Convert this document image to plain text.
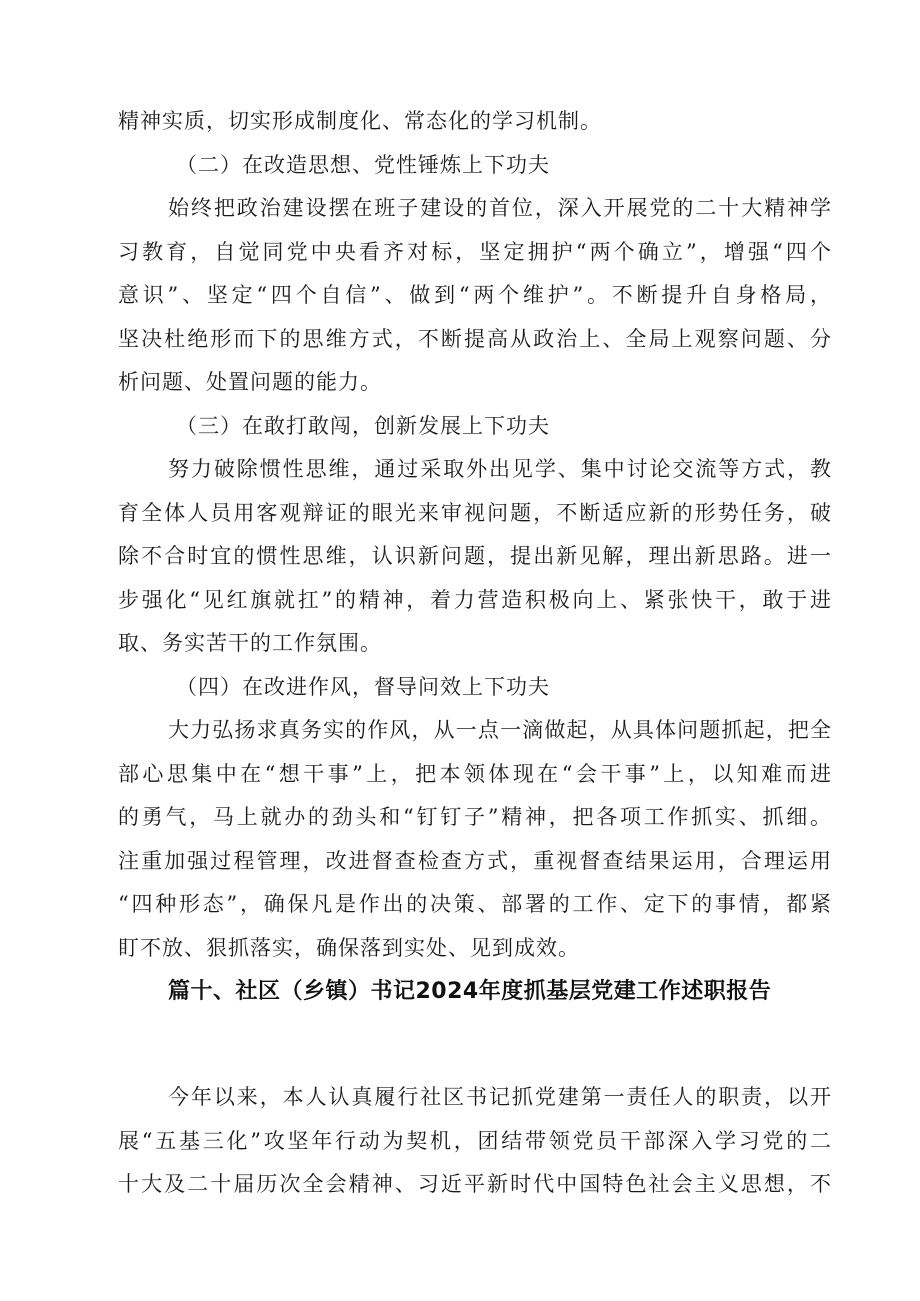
精神实质，切实形成制度化、常态化的学习机制。
（二）在改造思想、党性锤炼上下功夫
始终把政治建设摆在班子建设的首位，深入开展党的二十大精神学
习教育，自觉同党中央看齐对标，坚定拥护“两个确立”，增强“四个
意识”、坚定“四个自信”、做到“两个维护”。不断提升自身格局，
坚决杜绝形而下的思维方式，不断提高从政治上、全局上观察问题、分
析问题、处置问题的能力。
（三）在敢打敢闯，创新发展上下功夫
努力破除惯性思维，通过采取外出见学、集中讨论交流等方式，教
育全体人员用客观辩证的眼光来审视问题，不断适应新的形势任务，破
除不合时宜的惯性思维，认识新问题，提出新见解，理出新思路。进一
步强化“见红旗就扛”的精神，着力营造积极向上、紧张快干，敢于进
取、务实苦干的工作氛围。
（四）在改进作风，督导问效上下功夫
大力弘扬求真务实的作风，从一点一滴做起，从具体问题抓起，把全
部心思集中在“想干事”上，把本领体现在“会干事”上，以知难而进
的勇气，马上就办的劲头和“钉钉子”精神，把各项工作抓实、抓细。
注重加强过程管理，改进督查检查方式，重视督查结果运用，合理运用
“四种形态”，确保凡是作出的决策、部署的工作、定下的事情，都紧
盯不放、狠抓落实，确保落到实处、见到成效。
篇十、社区（乡镇）书记2024年度抓基层党建工作述职报告
今年以来，本人认真履行社区书记抓党建第一责任人的职责，以开
展“五基三化”攻坚年行动为契机，团结带领党员干部深入学习党的二
十大及二十届历次全会精神、习近平新时代中国特色社会主义思想，不
